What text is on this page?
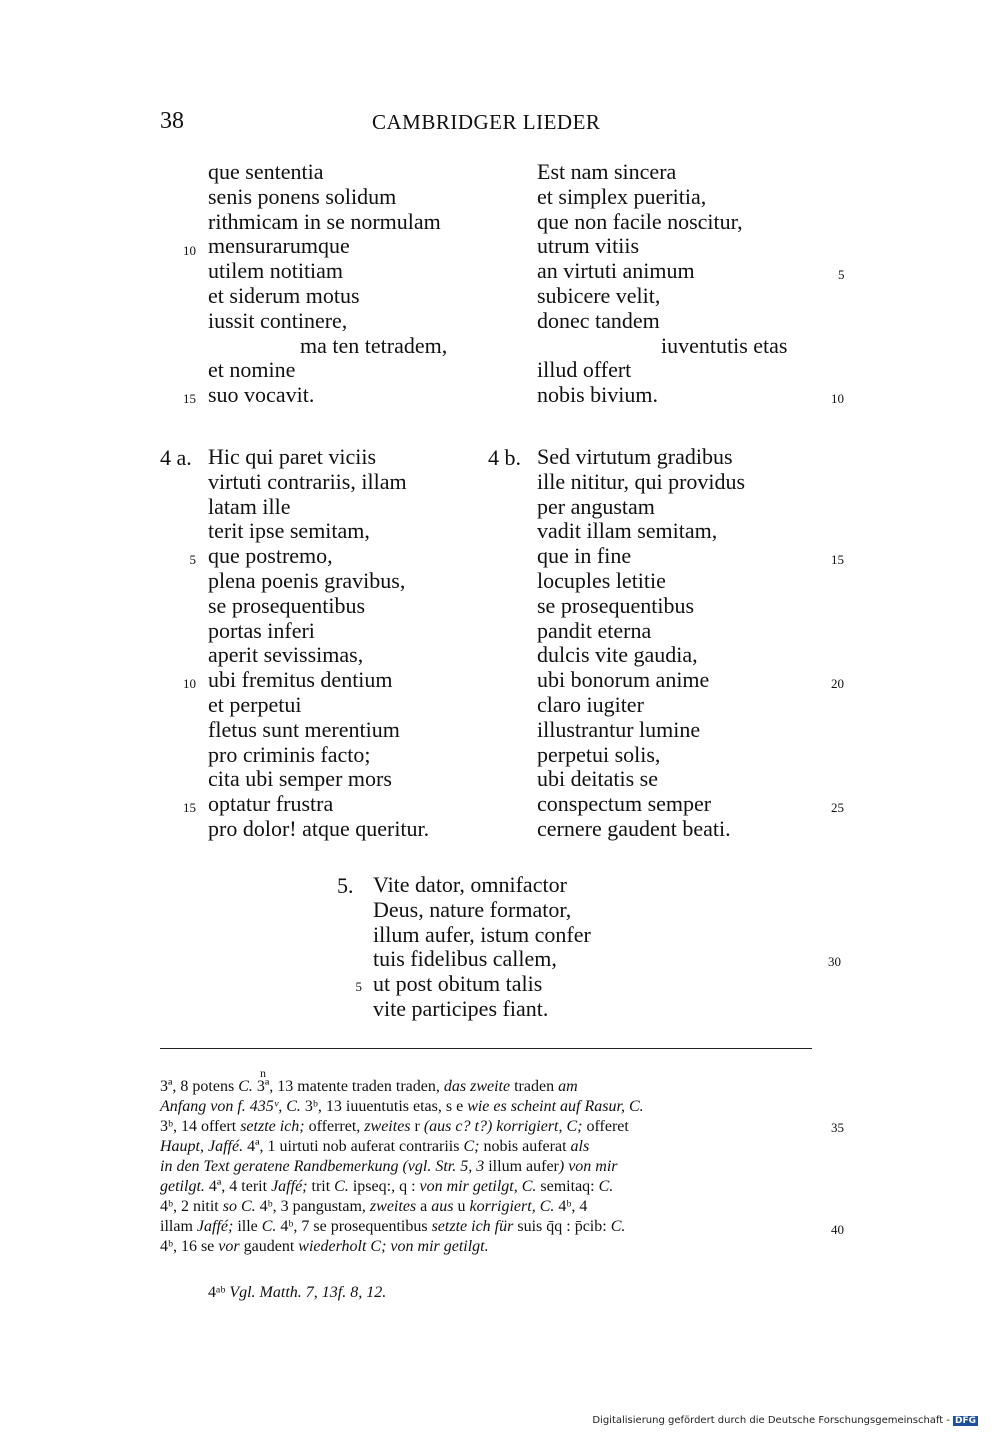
38	CAMBRIDGER LIEDER
que sententia
senis ponens solidum
rithmicam in se normulam
mensurarumque
utilem notitiam
et siderum motus
iussit continere,
ma ten tetradem,
et nomine
suo vocavit.
10
15
Est nam sincera
et simplex pueritia,
que non facile noscitur,
utrum vitiis
an virtuti animum
subicere velit,
donec tandem
iuventutis etas
illud offert
nobis bivium.
5
10
4 a. Hic qui paret viciis
virtuti contrariis, illam
latam ille
terit ipse semitam,
que postremo,
plena poenis gravibus,
se prosequentibus
portas inferi
aperit sevissimas,
ubi fremitus dentium
et perpetui
fletus sunt merentium
pro criminis facto;
cita ubi semper mors
optatur frustra
pro dolor! atque queritur.
5
10
15
4 b. Sed virtutum gradibus
ille nititur, qui providus
per angustam
vadit illam semitam,
que in fine
locuples letitie
se prosequentibus
pandit eterna
dulcis vite gaudia,
ubi bonorum anime
claro iugiter
illustrantur lumine
perpetui solis,
ubi deitatis se
conspectum semper
cernere gaudent beati.
15
20
25
5. Vite dator, omnifactor
Deus, nature formator,
illum aufer, istum confer
tuis fidelibus callem,
ut post obitum talis
vite participes fiant.
5
30
n
3ª, 8 potens C. 3ª, 13 matente traden traden, das zweite traden am
Anfang von f. 435ᵛ, C. 3ᵇ, 13 iuuentutis etas, s e wie es scheint auf Rasur, C.
3ᵇ, 14 offert setzte ich; offerret, zweites r (aus c? t?) korrigiert, C; offeret
Haupt, Jaffé. 4ª, 1 uirtuti nob auferat contrariis C; nobis auferat als
in den Text geratene Randbemerkung (vgl. Str. 5, 3 illum aufer) von mir
getilgt. 4ª, 4 terit Jaffé; trit C. ipseq:, q : von mir getilgt, C. semitaq: C.
4ᵇ, 2 nitit so C. 4ᵇ, 3 pangustam, zweites a aus u korrigiert, C. 4ᵇ, 4
illam Jaffé; ille C. 4ᵇ, 7 se prosequentibus setzte ich für suis q̄q : p̄cib: C.
4ᵇ, 16 se vor gaudent wiederholt C; von mir getilgt.
35
40
4ᵃᵇ Vgl. Matth. 7, 13f. 8, 12.
Digitalisierung gefördert durch die Deutsche Forschungsgemeinschaft - DFG
